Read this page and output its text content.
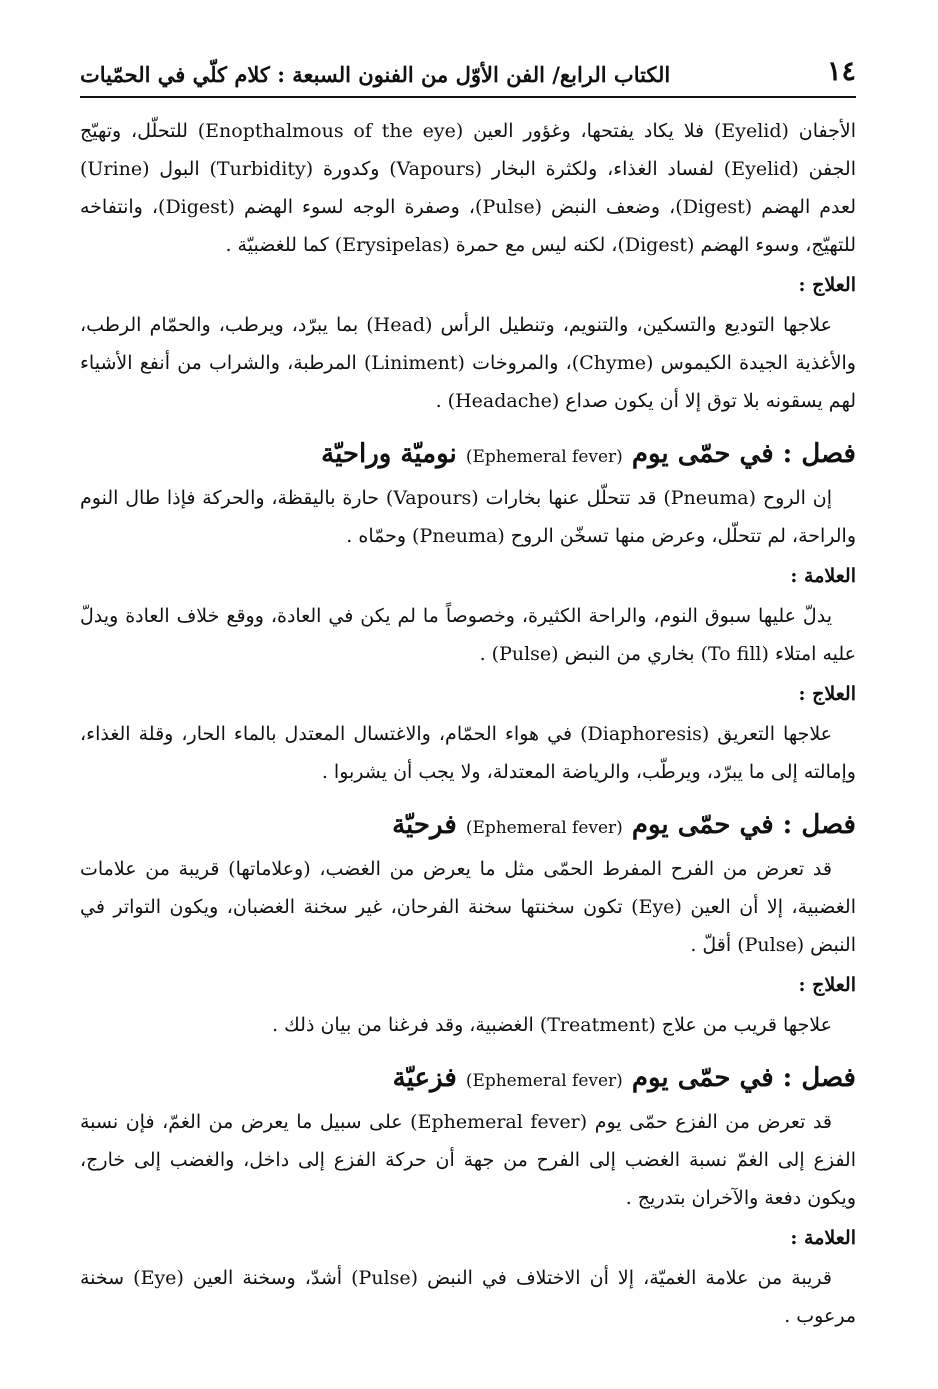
١٤
الكتاب الرابع/ الفن الأوّل من الفنون السبعة : كلام كلّي في الحمّيات

الأجفان (Eyelid) فلا يكاد يفتحها، وغؤور العين (Enopthalmous of the eye) للتحلّل، وتهيّج الجفن (Eyelid) لفساد الغذاء، ولكثرة البخار (Vapours) وكدورة (Turbidity) البول (Urine) لعدم الهضم (Digest)، وضعف النبض (Pulse)، وصفرة الوجه لسوء الهضم (Digest)، وانتفاخه للتهيّج، وسوء الهضم (Digest)، لكنه ليس مع حمرة (Erysipelas) كما للغضبيّة .

العلاج :

علاجها التوديع والتسكين، والتنويم، وتنطيل الرأس (Head) بما يبرّد، ويرطب، والحمّام الرطب، والأغذية الجيدة الكيموس (Chyme)، والمروخات (Liniment) المرطبة، والشراب من أنفع الأشياء لهم يسقونه بلا توق إلا أن يكون صداع (Headache) .

فصل : في حمّى يوم (Ephemeral fever) نوميّة وراحيّة

إن الروح (Pneuma) قد تتحلّل عنها بخارات (Vapours) حارة باليقظة، والحركة فإذا طال النوم والراحة، لم تتحلّل، وعرض منها تسخّن الروح (Pneuma) وحمّاه .

العلامة :

يدلّ عليها سبوق النوم، والراحة الكثيرة، وخصوصاً ما لم يكن في العادة، ووقع خلاف العادة ويدلّ عليه امتلاء (To fill) بخاري من النبض (Pulse) .

العلاج :

علاجها التعريق (Diaphoresis) في هواء الحمّام، والاغتسال المعتدل بالماء الحار، وقلة الغذاء، وإمالته إلى ما يبرّد، ويرطّب، والرياضة المعتدلة، ولا يجب أن يشربوا .

فصل : في حمّى يوم (Ephemeral fever) فرحيّة

قد تعرض من الفرح المفرط الحمّى مثل ما يعرض من الغضب، (وعلاماتها) قريبة من علامات الغضبية، إلا أن العين (Eye) تكون سخنتها سخنة الفرحان، غير سخنة الغضبان، ويكون التواتر في النبض (Pulse) أقلّ .

العلاج :

علاجها قريب من علاج (Treatment) الغضبية، وقد فرغنا من بيان ذلك .

فصل : في حمّى يوم (Ephemeral fever) فزعيّة

قد تعرض من الفزع حمّى يوم (Ephemeral fever) على سبيل ما يعرض من الغمّ، فإن نسبة الفزع إلى الغمّ نسبة الغضب إلى الفرح من جهة أن حركة الفزع إلى داخل، والغضب إلى خارج، ويكون دفعة والآخران بتدريج .

العلامة :

قريبة من علامة الغميّة، إلا أن الاختلاف في النبض (Pulse) أشدّ، وسخنة العين (Eye) سخنة مرعوب .
